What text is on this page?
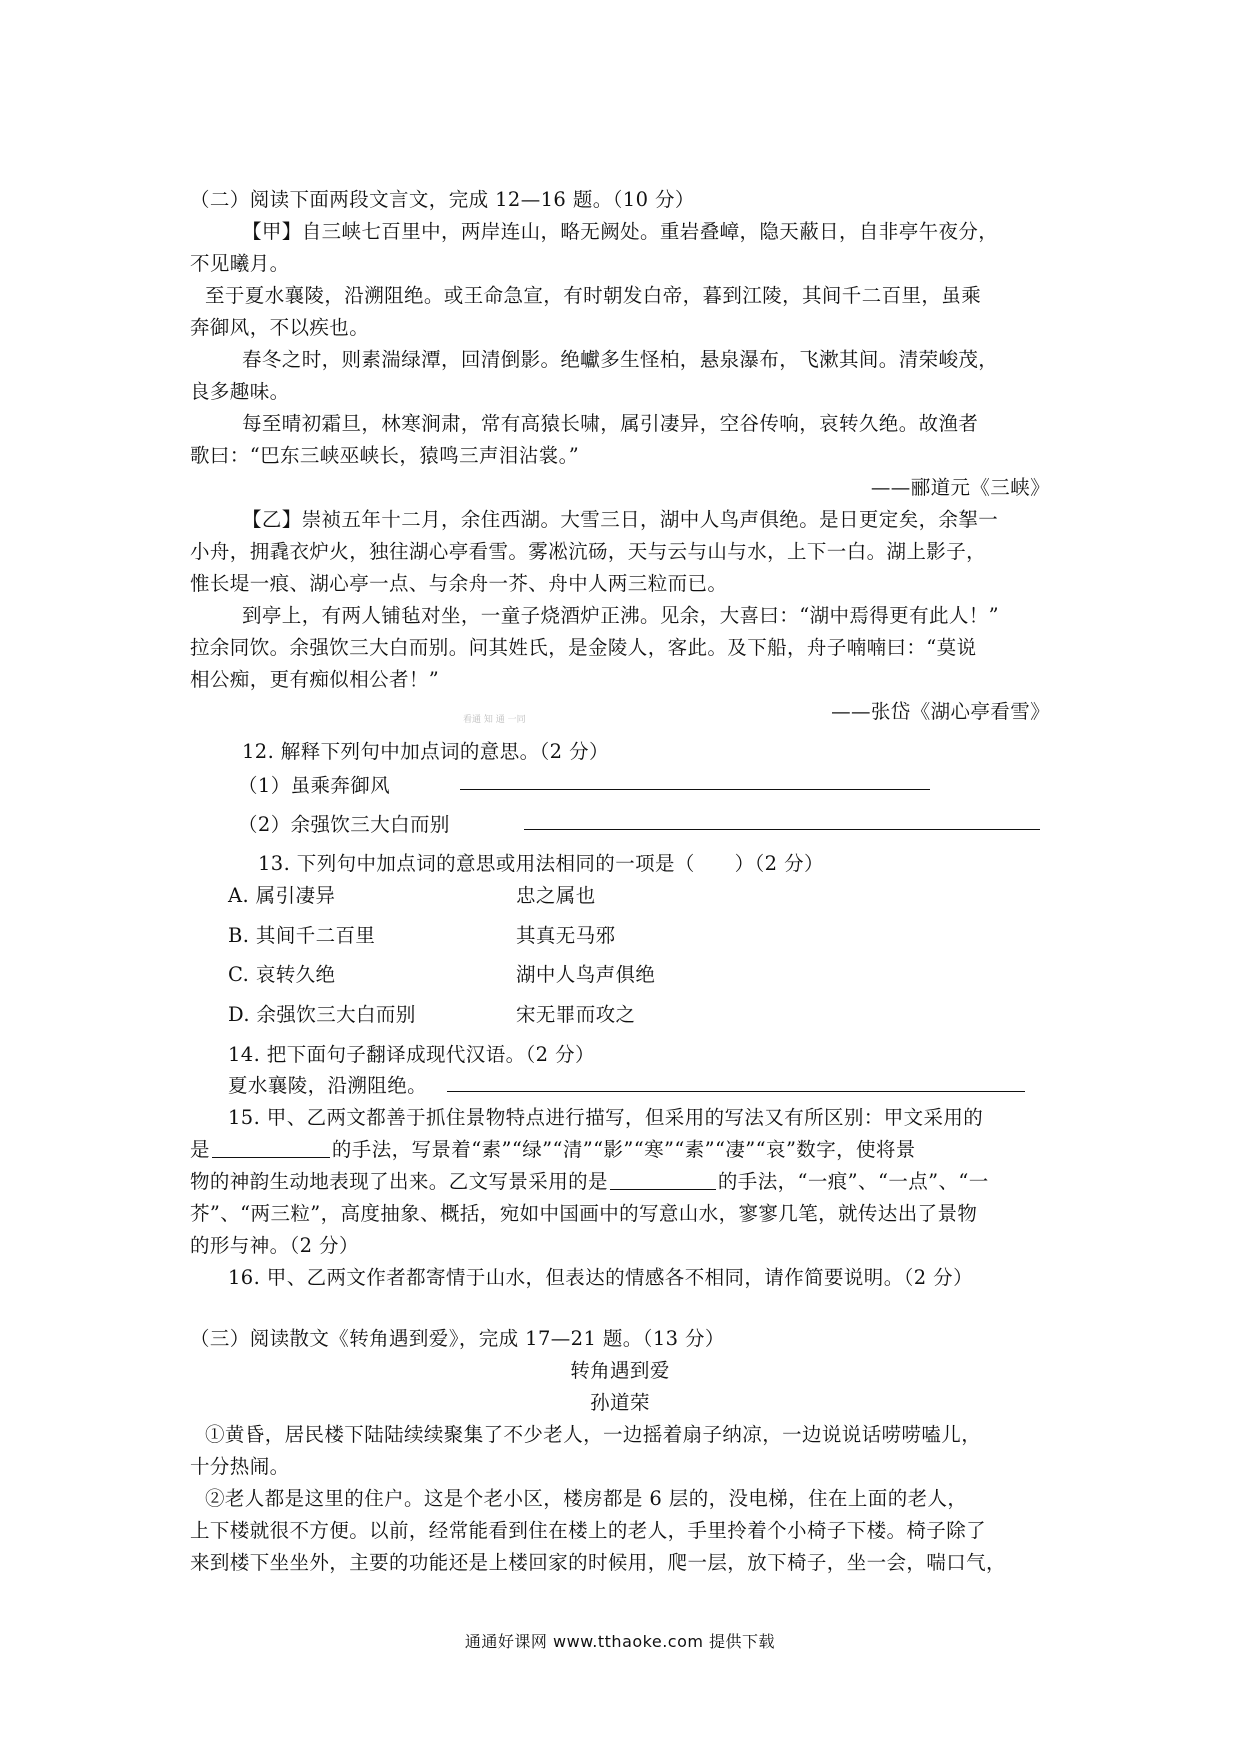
（二）阅读下面两段文言文，完成 12—16 题。（10 分）
【甲】自三峡七百里中，两岸连山，略无阙处。重岩叠嶂，隐天蔽日，自非亭午夜分，
不见曦月。
至于夏水襄陵，沿溯阻绝。或王命急宣，有时朝发白帝，暮到江陵，其间千二百里，虽乘
奔御风，不以疾也。
春冬之时，则素湍绿潭，回清倒影。绝巘多生怪柏，悬泉瀑布，飞漱其间。清荣峻茂，
良多趣味。
每至晴初霜旦，林寒涧肃，常有高猿长啸，属引凄异，空谷传响，哀转久绝。故渔者
歌曰：“巴东三峡巫峡长，猿鸣三声泪沾裳。”
——郦道元《三峡》
【乙】崇祯五年十二月，余住西湖。大雪三日，湖中人鸟声俱绝。是日更定矣，余挐一
小舟，拥毳衣炉火，独往湖心亭看雪。雾凇沆砀，天与云与山与水，上下一白。湖上影子，
惟长堤一痕、湖心亭一点、与余舟一芥、舟中人两三粒而已。
到亭上，有两人铺毡对坐，一童子烧酒炉正沸。见余，大喜曰：“湖中焉得更有此人！”
拉余同饮。余强饮三大白而别。问其姓氏，是金陵人，客此。及下船，舟子喃喃曰：“莫说
相公痴，更有痴似相公者！”
看通 知 通 一同	——张岱《湖心亭看雪》
12. 解释下列句中加点词的意思。（2 分）
（1）虽乘奔御风
（2）余强饮三大白而别
13. 下列句中加点词的意思或用法相同的一项是（　　）（2 分）
A. 属引凄异	忠之属也
B. 其间千二百里	其真无马邪
C. 哀转久绝	湖中人鸟声俱绝
D. 余强饮三大白而别	宋无罪而攻之
14. 把下面句子翻译成现代汉语。（2 分）
夏水襄陵，沿溯阻绝。
15. 甲、乙两文都善于抓住景物特点进行描写，但采用的写法又有所区别：甲文采用的
是	的手法，写景着“素”“绿”“清”“影”“寒”“素”“凄”“哀”数字，使将景
物的神韵生动地表现了出来。乙文写景采用的是	的手法，“一痕”、“一点”、“一
芥”、“两三粒”，高度抽象、概括，宛如中国画中的写意山水，寥寥几笔，就传达出了景物
的形与神。（2 分）
16. 甲、乙两文作者都寄情于山水，但表达的情感各不相同，请作简要说明。（2 分）
（三）阅读散文《转角遇到爱》，完成 17—21 题。（13 分）
转角遇到爱
孙道荣
①黄昏，居民楼下陆陆续续聚集了不少老人，一边摇着扇子纳凉，一边说说话唠唠嗑儿，
十分热闹。
②老人都是这里的住户。这是个老小区，楼房都是 6 层的，没电梯，住在上面的老人，
上下楼就很不方便。以前，经常能看到住在楼上的老人，手里拎着个小椅子下楼。椅子除了
来到楼下坐坐外，主要的功能还是上楼回家的时候用，爬一层，放下椅子，坐一会，喘口气，
通通好课网 www.tthaoke.com 提供下载
